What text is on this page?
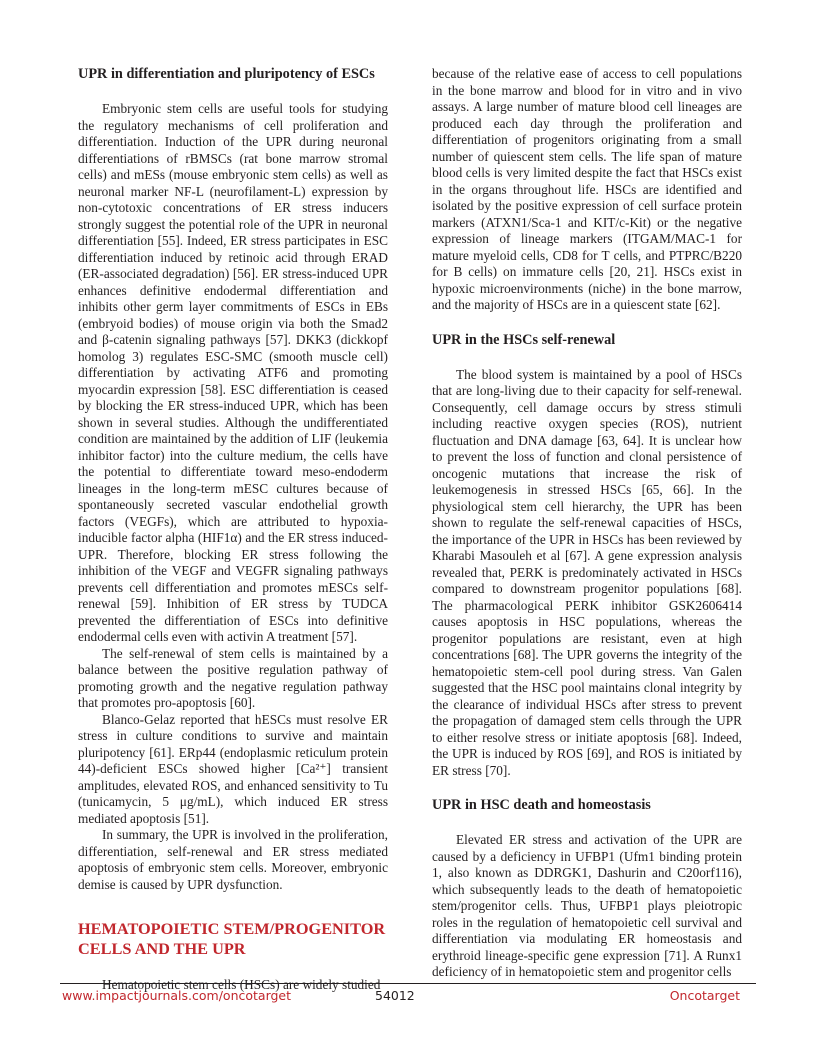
UPR in differentiation and pluripotency of ESCs

Embryonic stem cells are useful tools for studying the regulatory mechanisms of cell proliferation and differentiation. Induction of the UPR during neuronal differentiations of rBMSCs (rat bone marrow stromal cells) and mESs (mouse embryonic stem cells) as well as neuronal marker NF-L (neurofilament-L) expression by non-cytotoxic concentrations of ER stress inducers strongly suggest the potential role of the UPR in neuronal differentiation [55]. Indeed, ER stress participates in ESC differentiation induced by retinoic acid through ERAD (ER-associated degradation) [56]. ER stress-induced UPR enhances definitive endodermal differentiation and inhibits other germ layer commitments of ESCs in EBs (embryoid bodies) of mouse origin via both the Smad2 and β-catenin signaling pathways [57]. DKK3 (dickkopf homolog 3) regulates ESC-SMC (smooth muscle cell) differentiation by activating ATF6 and promoting myocardin expression [58]. ESC differentiation is ceased by blocking the ER stress-induced UPR, which has been shown in several studies. Although the undifferentiated condition are maintained by the addition of LIF (leukemia inhibitor factor) into the culture medium, the cells have the potential to differentiate toward meso-endoderm lineages in the long-term mESC cultures because of spontaneously secreted vascular endothelial growth factors (VEGFs), which are attributed to hypoxia-inducible factor alpha (HIF1α) and the ER stress induced-UPR. Therefore, blocking ER stress following the inhibition of the VEGF and VEGFR signaling pathways prevents cell differentiation and promotes mESCs self-renewal [59]. Inhibition of ER stress by TUDCA prevented the differentiation of ESCs into definitive endodermal cells even with activin A treatment [57].

The self-renewal of stem cells is maintained by a balance between the positive regulation pathway of promoting growth and the negative regulation pathway that promotes pro-apoptosis [60].

Blanco-Gelaz reported that hESCs must resolve ER stress in culture conditions to survive and maintain pluripotency [61]. ERp44 (endoplasmic reticulum protein 44)-deficient ESCs showed higher [Ca²⁺] transient amplitudes, elevated ROS, and enhanced sensitivity to Tu (tunicamycin, 5 μg/mL), which induced ER stress mediated apoptosis [51].

In summary, the UPR is involved in the proliferation, differentiation, self-renewal and ER stress mediated apoptosis of embryonic stem cells. Moreover, embryonic demise is caused by UPR dysfunction.

HEMATOPOIETIC STEM/PROGENITOR CELLS AND THE UPR

Hematopoietic stem cells (HSCs) are widely studied

because of the relative ease of access to cell populations in the bone marrow and blood for in vitro and in vivo assays. A large number of mature blood cell lineages are produced each day through the proliferation and differentiation of progenitors originating from a small number of quiescent stem cells. The life span of mature blood cells is very limited despite the fact that HSCs exist in the organs throughout life. HSCs are identified and isolated by the positive expression of cell surface protein markers (ATXN1/Sca-1 and KIT/c-Kit) or the negative expression of lineage markers (ITGAM/MAC-1 for mature myeloid cells, CD8 for T cells, and PTPRC/B220 for B cells) on immature cells [20, 21]. HSCs exist in hypoxic microenvironments (niche) in the bone marrow, and the majority of HSCs are in a quiescent state [62].

UPR in the HSCs self-renewal

The blood system is maintained by a pool of HSCs that are long-living due to their capacity for self-renewal. Consequently, cell damage occurs by stress stimuli including reactive oxygen species (ROS), nutrient fluctuation and DNA damage [63, 64]. It is unclear how to prevent the loss of function and clonal persistence of oncogenic mutations that increase the risk of leukemogenesis in stressed HSCs [65, 66]. In the physiological stem cell hierarchy, the UPR has been shown to regulate the self-renewal capacities of HSCs, the importance of the UPR in HSCs has been reviewed by Kharabi Masouleh et al [67]. A gene expression analysis revealed that, PERK is predominately activated in HSCs compared to downstream progenitor populations [68]. The pharmacological PERK inhibitor GSK2606414 causes apoptosis in HSC populations, whereas the progenitor populations are resistant, even at high concentrations [68]. The UPR governs the integrity of the hematopoietic stem-cell pool during stress. Van Galen suggested that the HSC pool maintains clonal integrity by the clearance of individual HSCs after stress to prevent the propagation of damaged stem cells through the UPR to either resolve stress or initiate apoptosis [68]. Indeed, the UPR is induced by ROS [69], and ROS is initiated by ER stress [70].

UPR in HSC death and homeostasis

Elevated ER stress and activation of the UPR are caused by a deficiency in UFBP1 (Ufm1 binding protein 1, also known as DDRGK1, Dashurin and C20orf116), which subsequently leads to the death of hematopoietic stem/progenitor cells. Thus, UFBP1 plays pleiotropic roles in the regulation of hematopoietic cell survival and differentiation via modulating ER homeostasis and erythroid lineage-specific gene expression [71]. A Runx1 deficiency of in hematopoietic stem and progenitor cells

www.impactjournals.com/oncotarget	54012	Oncotarget
